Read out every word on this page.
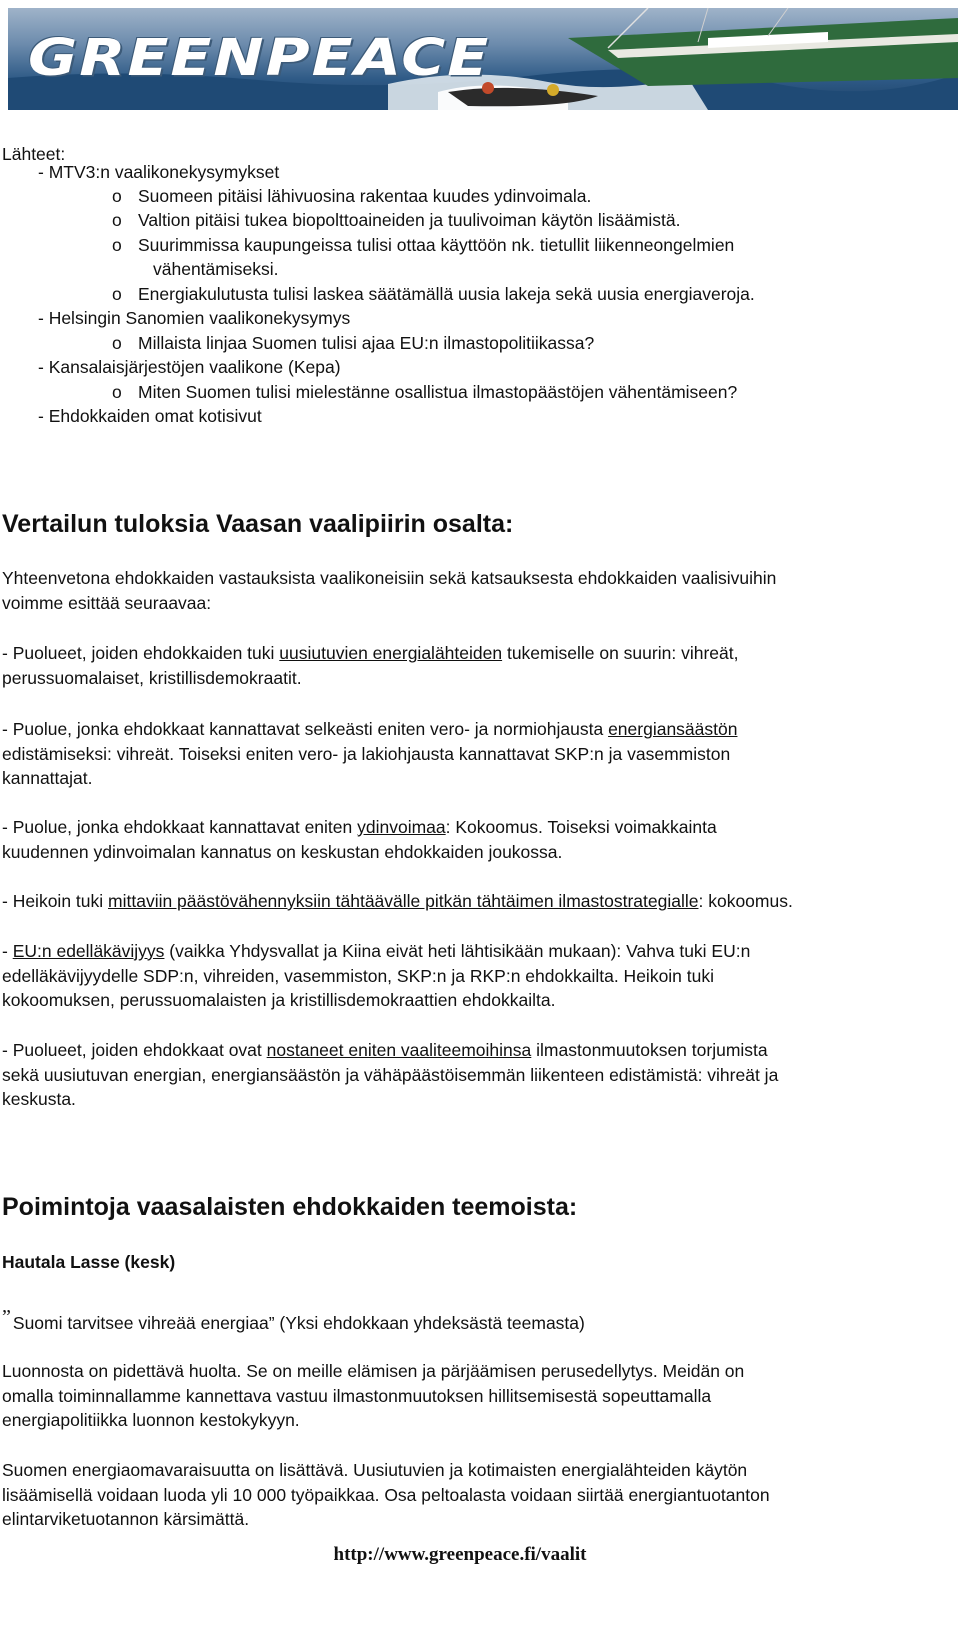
GREENPEACE
Lähteet:
- MTV3:n vaalikonekysymykset
o Suomeen pitäisi lähivuosina rakentaa kuudes ydinvoimala.
o Valtion pitäisi tukea biopolttoaineiden ja tuulivoiman käytön lisäämistä.
o Suurimmissa kaupungeissa tulisi ottaa käyttöön nk. tietullit liikenneongelmien
vähentämiseksi.
o Energiakulutusta tulisi laskea säätämällä uusia lakeja sekä uusia energiaveroja.
- Helsingin Sanomien vaalikonekysymys
o Millaista linjaa Suomen tulisi ajaa EU:n ilmastopolitiikassa?
- Kansalaisjärjestöjen vaalikone (Kepa)
o Miten Suomen tulisi mielestänne osallistua ilmastopäästöjen vähentämiseen?
- Ehdokkaiden omat kotisivut
Vertailun tuloksia Vaasan vaalipiirin osalta:
Yhteenvetona ehdokkaiden vastauksista vaalikoneisiin sekä katsauksesta ehdokkaiden vaalisivuihin
voimme esittää seuraavaa:
- Puolueet, joiden ehdokkaiden tuki uusiutuvien energialähteiden tukemiselle on suurin: vihreät,
perussuomalaiset, kristillisdemokraatit.
- Puolue, jonka ehdokkaat kannattavat selkeästi eniten vero- ja normiohjausta energiansäästön
edistämiseksi: vihreät. Toiseksi eniten vero- ja lakiohjausta kannattavat SKP:n ja vasemmiston
kannattajat.
- Puolue, jonka ehdokkaat kannattavat eniten ydinvoimaa: Kokoomus. Toiseksi voimakkainta
kuudennen ydinvoimalan kannatus on keskustan ehdokkaiden joukossa.
- Heikoin tuki mittaviin päästövähennyksiin tähtäävälle pitkän tähtäimen ilmastostrategialle: kokoomus.
- EU:n edelläkävijyys (vaikka Yhdysvallat ja Kiina eivät heti lähtisikään mukaan): Vahva tuki EU:n
edelläkävijyydelle SDP:n, vihreiden, vasemmiston, SKP:n ja RKP:n ehdokkailta. Heikoin tuki
kokoomuksen, perussuomalaisten ja kristillisdemokraattien ehdokkailta.
- Puolueet, joiden ehdokkaat ovat nostaneet eniten vaaliteemoihinsa ilmastonmuutoksen torjumista
sekä uusiutuvan energian, energiansäästön ja vähäpäästöisemmän liikenteen edistämistä: vihreät ja
keskusta.
Poimintoja vaasalaisten ehdokkaiden teemoista:
Hautala Lasse (kesk)
” Suomi tarvitsee vihreää energiaa” (Yksi ehdokkaan yhdeksästä teemasta)
Luonnosta on pidettävä huolta. Se on meille elämisen ja pärjäämisen perusedellytys. Meidän on
omalla toiminnallamme kannettava vastuu ilmastonmuutoksen hillitsemisestä sopeuttamalla
energiapolitiikka luonnon kestokykyyn.
Suomen energiaomavaraisuutta on lisättävä. Uusiutuvien ja kotimaisten energialähteiden käytön
lisäämisellä voidaan luoda yli 10 000 työpaikkaa. Osa peltoalasta voidaan siirtää energiantuotanton
elintarviketuotannon kärsimättä.
http://www.greenpeace.fi/vaalit
